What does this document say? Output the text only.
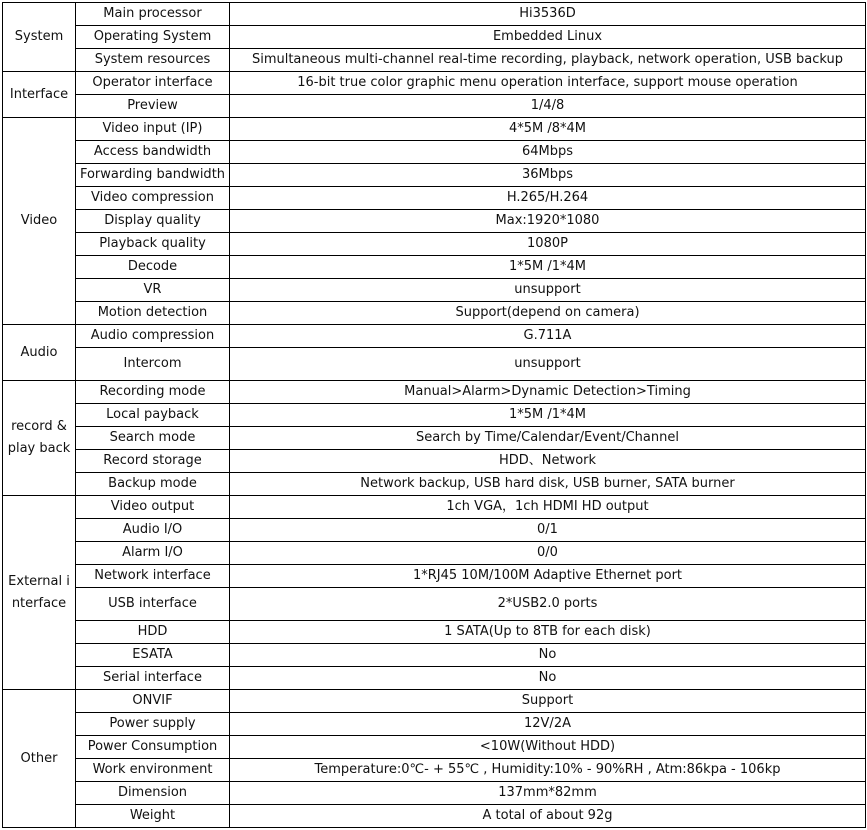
System	Main processor	Hi3536D
	Operating System	Embedded Linux
	System resources	Simultaneous multi-channel real-time recording, playback, network operation, USB backup
Interface	Operator interface	16-bit true color graphic menu operation interface, support mouse operation
	Preview	1/4/8
Video	Video input (IP)	4*5M /8*4M
	Access bandwidth	64Mbps
	Forwarding bandwidth	36Mbps
	Video compression	H.265/H.264
	Display quality	Max:1920*1080
	Playback quality	1080P
	Decode	1*5M /1*4M
	VR	unsupport
	Motion detection	Support(depend on camera)
Audio	Audio compression	G.711A
	Intercom	unsupport
record & play back	Recording mode	Manual>Alarm>Dynamic Detection>Timing
	Local payback	1*5M /1*4M
	Search mode	Search by Time/Calendar/Event/Channel
	Record storage	HDD、Network
	Backup mode	Network backup, USB hard disk, USB burner, SATA burner
External i nterface	Video output	1ch VGA，1ch HDMI HD output
	Audio I/O	0/1
	Alarm I/O	0/0
	Network interface	1*RJ45 10M/100M Adaptive Ethernet port
	USB interface	2*USB2.0 ports
	HDD	1 SATA(Up to 8TB for each disk)
	ESATA	No
	Serial interface	No
Other	ONVIF	Support
	Power supply	12V/2A
	Power Consumption	<10W(Without HDD)
	Work environment	Temperature:0℃- + 55℃ , Humidity:10% - 90%RH , Atm:86kpa - 106kp
	Dimension	137mm*82mm
	Weight	A total of about 92g
